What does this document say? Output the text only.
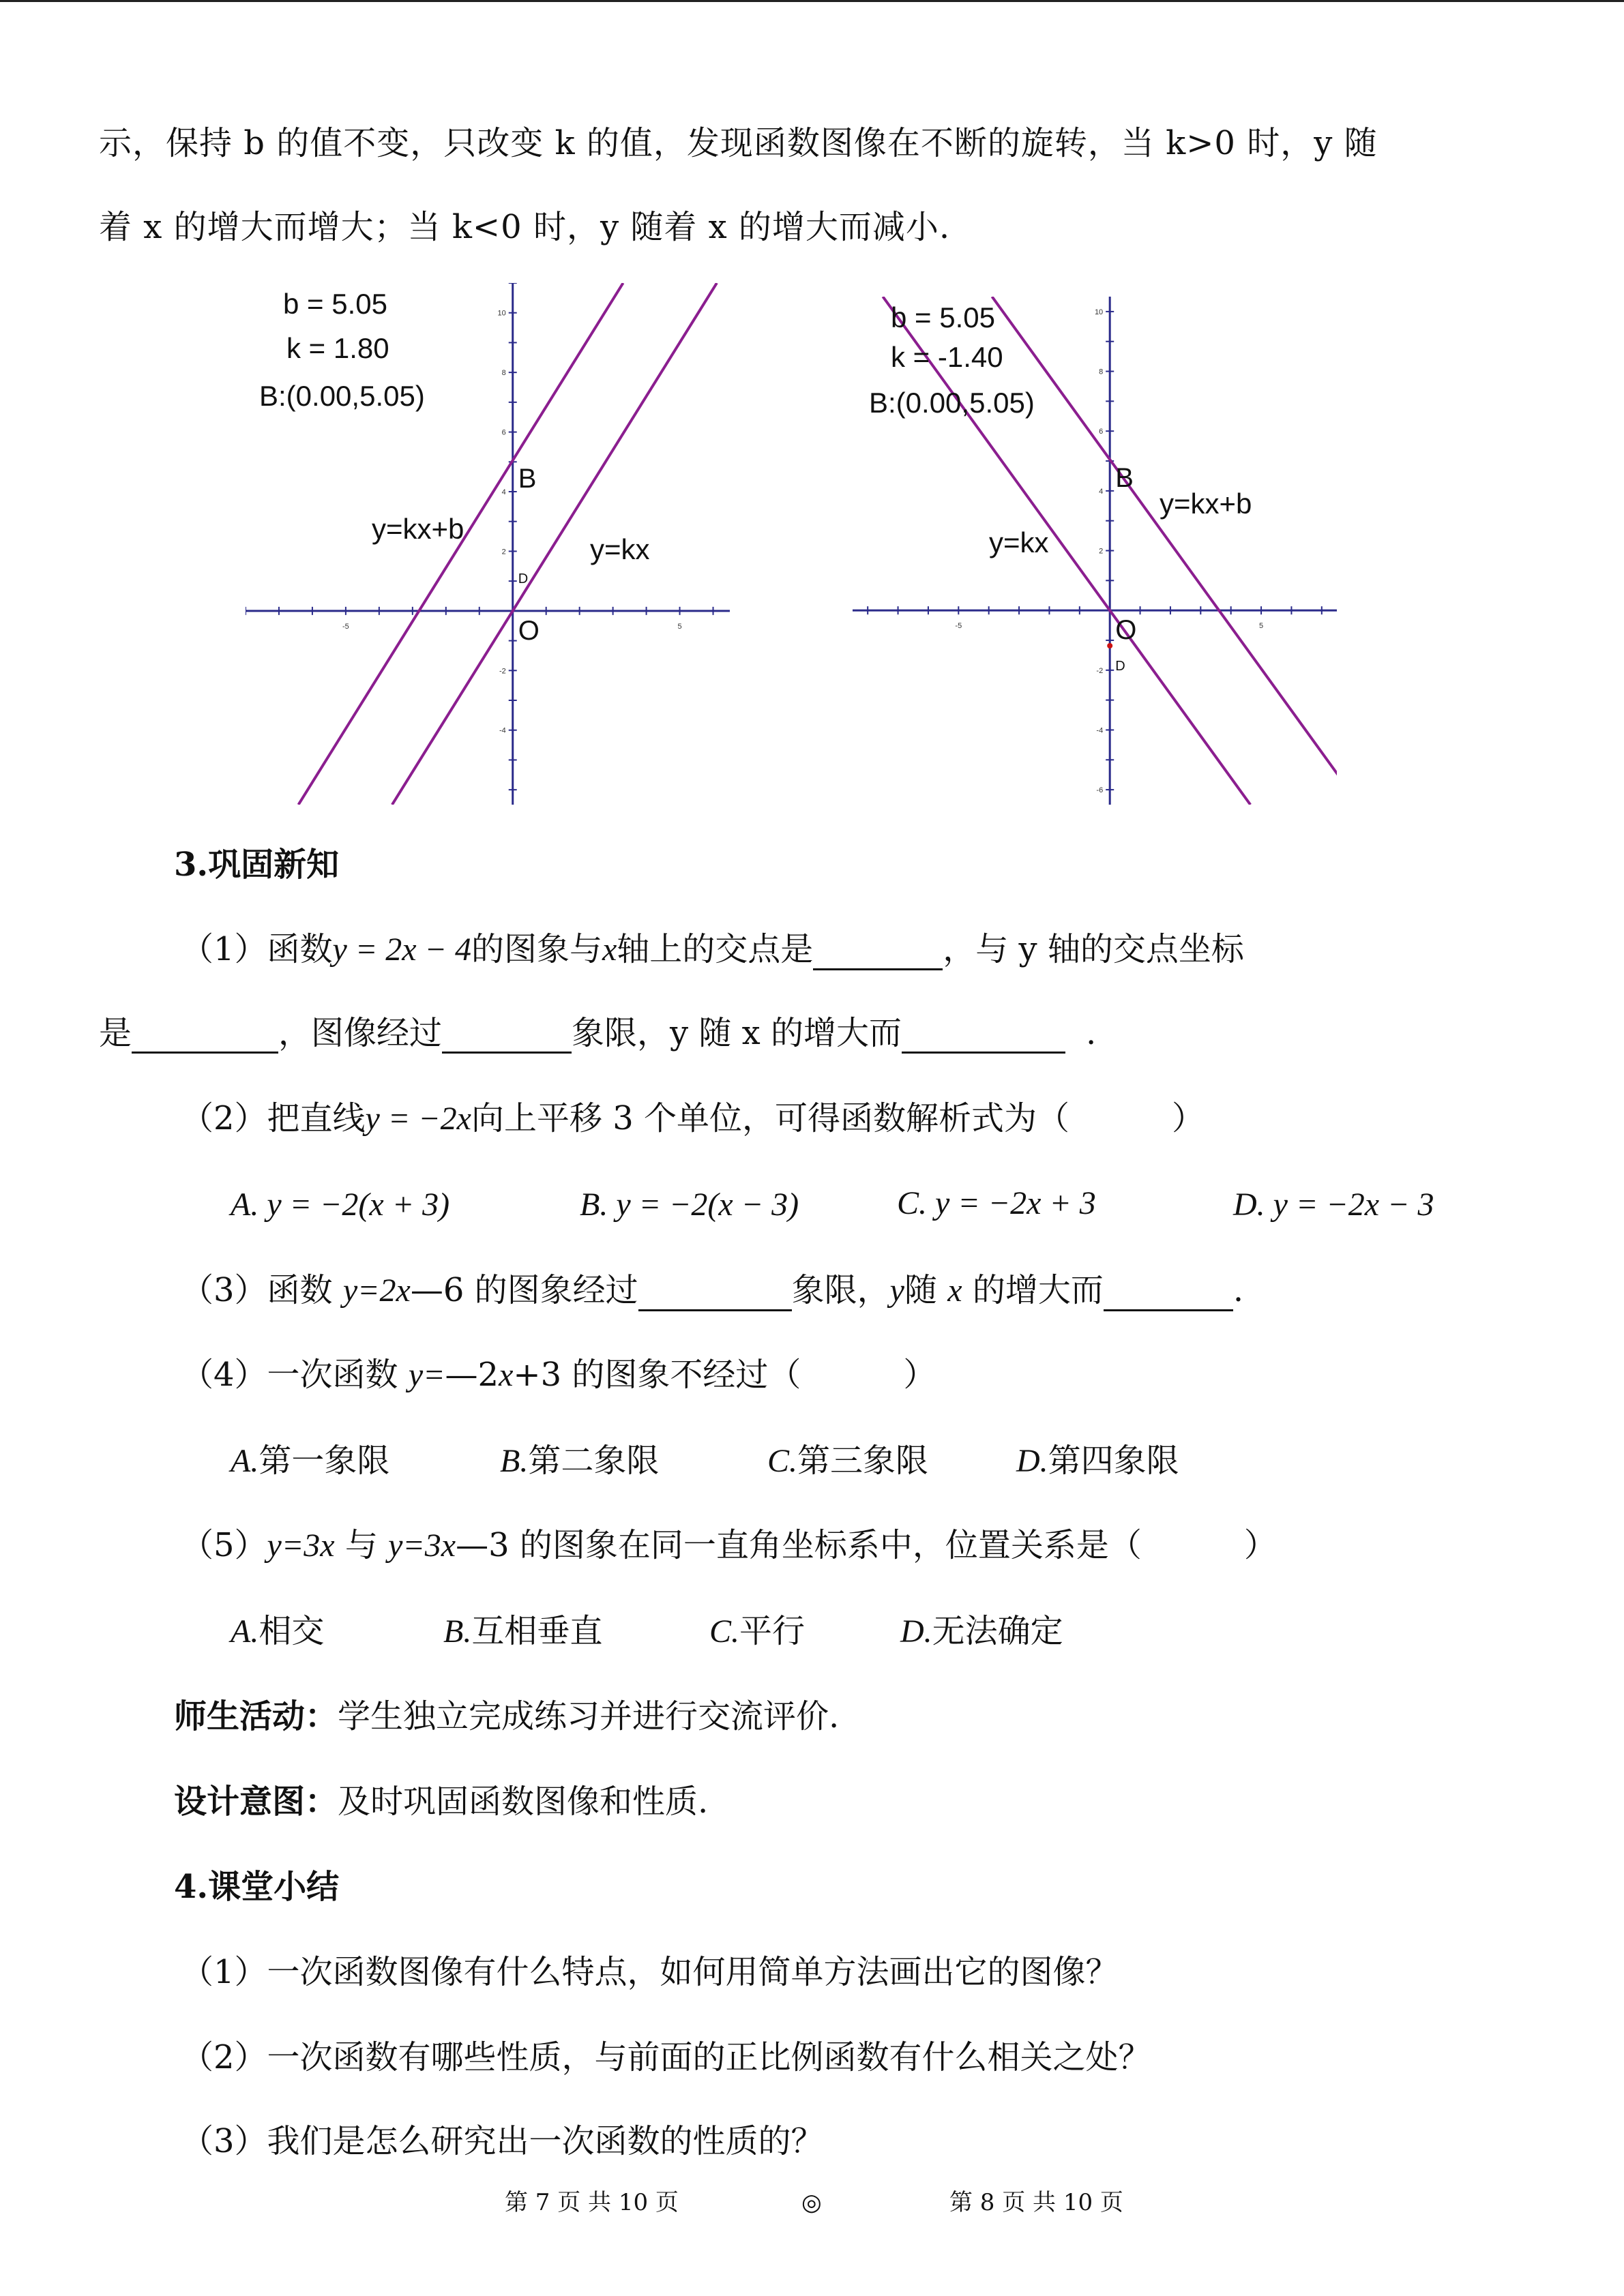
示，保持 b 的值不变，只改变 k 的值，发现函数图像在不断的旋转，当 k>0 时，y 随

着 x 的增大而增大；当 k<0 时，y 随着 x 的增大而减小.

10
8
6
4
2
-2
-4
-5	5
b = 5.05
k = 1.80
B:(0.00,5.05)
y=kx+b
y=kx
B
O
D
10
8
6
4
2
-2
-4
-6
-5	5
b = 5.05
k = -1.40
B:(0.00,5.05)
y=kx+b
y=kx
B
O
D

3.巩固新知

（1）函数y = 2x − 4的图象与x轴上的交点是	，与 y 轴的交点坐标

是	，图像经过	象限，y 随 x 的增大而	.

（2）把直线y = −2x向上平移 3 个单位，可得函数解析式为（	）

A. y = −2(x + 3)	B. y = −2(x − 3)	C. y = −2x + 3	D. y = −2x − 3

（3）函数 y=2x—6 的图象经过	象限，y随 x 的增大而	.

（4）一次函数 y=—2x+3 的图象不经过（	）

A.第一象限	B.第二象限	C.第三象限	D.第四象限

（5）y=3x 与 y=3x—3 的图象在同一直角坐标系中，位置关系是（	）

A.相交	B.互相垂直	C.平行	D.无法确定

师生活动：学生独立完成练习并进行交流评价.

设计意图：及时巩固函数图像和性质.

4.课堂小结

（1）一次函数图像有什么特点，如何用简单方法画出它的图像？

（2）一次函数有哪些性质，与前面的正比例函数有什么相关之处？

（3）我们是怎么研究出一次函数的性质的？

第 7 页 共 10 页	◎	第 8 页 共 10 页
